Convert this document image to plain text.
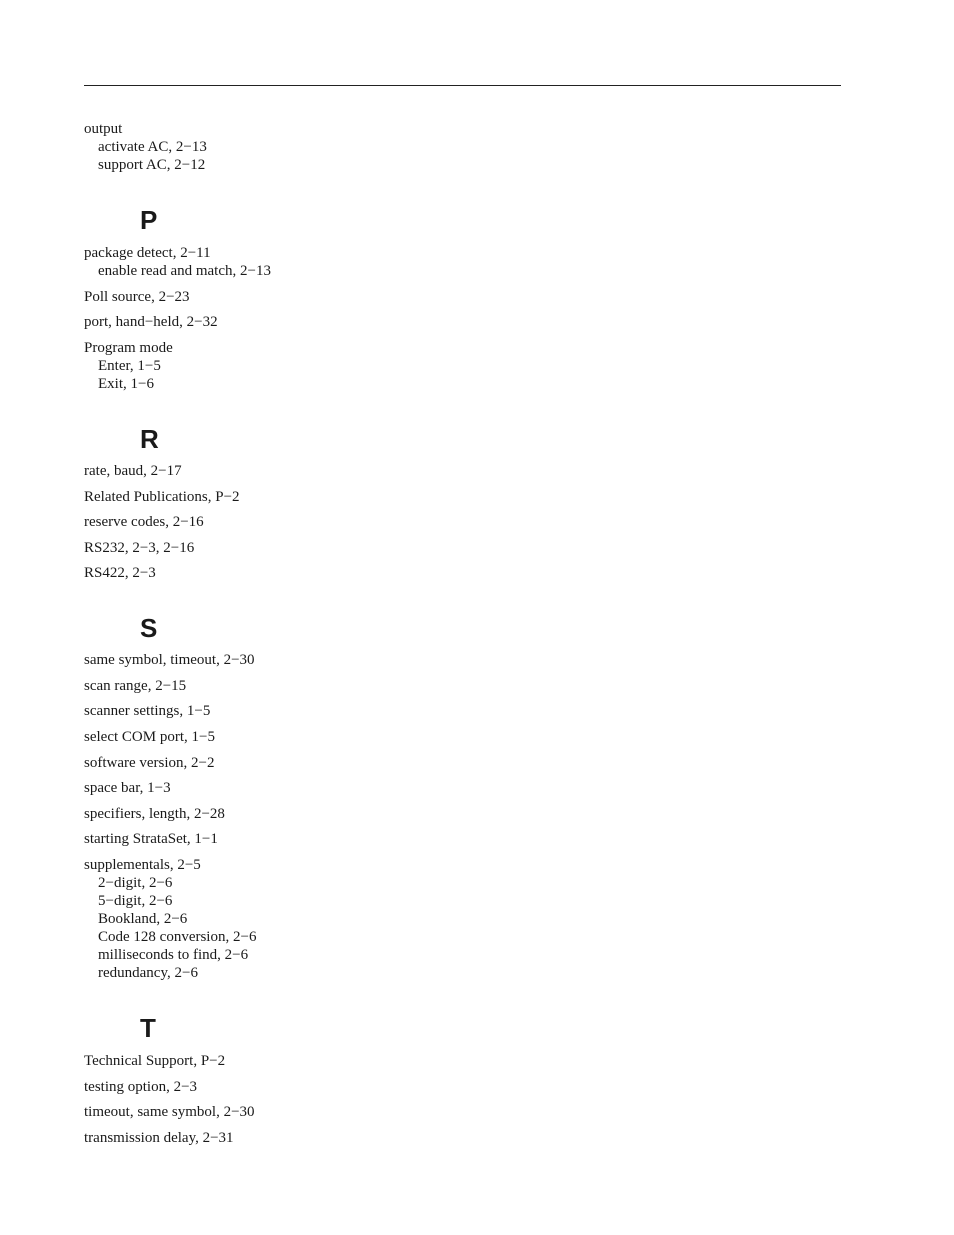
output
activate AC, 2−13
support AC, 2−12
P
package detect, 2−11
enable read and match, 2−13
Poll source, 2−23
port, hand−held, 2−32
Program mode
Enter, 1−5
Exit, 1−6
R
rate, baud, 2−17
Related Publications, P−2
reserve codes, 2−16
RS232, 2−3, 2−16
RS422, 2−3
S
same symbol, timeout, 2−30
scan range, 2−15
scanner settings, 1−5
select COM port, 1−5
software version, 2−2
space bar, 1−3
specifiers, length, 2−28
starting StrataSet, 1−1
supplementals, 2−5
2−digit, 2−6
5−digit, 2−6
Bookland, 2−6
Code 128 conversion, 2−6
milliseconds to find, 2−6
redundancy, 2−6
T
Technical Support, P−2
testing option, 2−3
timeout, same symbol, 2−30
transmission delay, 2−31
